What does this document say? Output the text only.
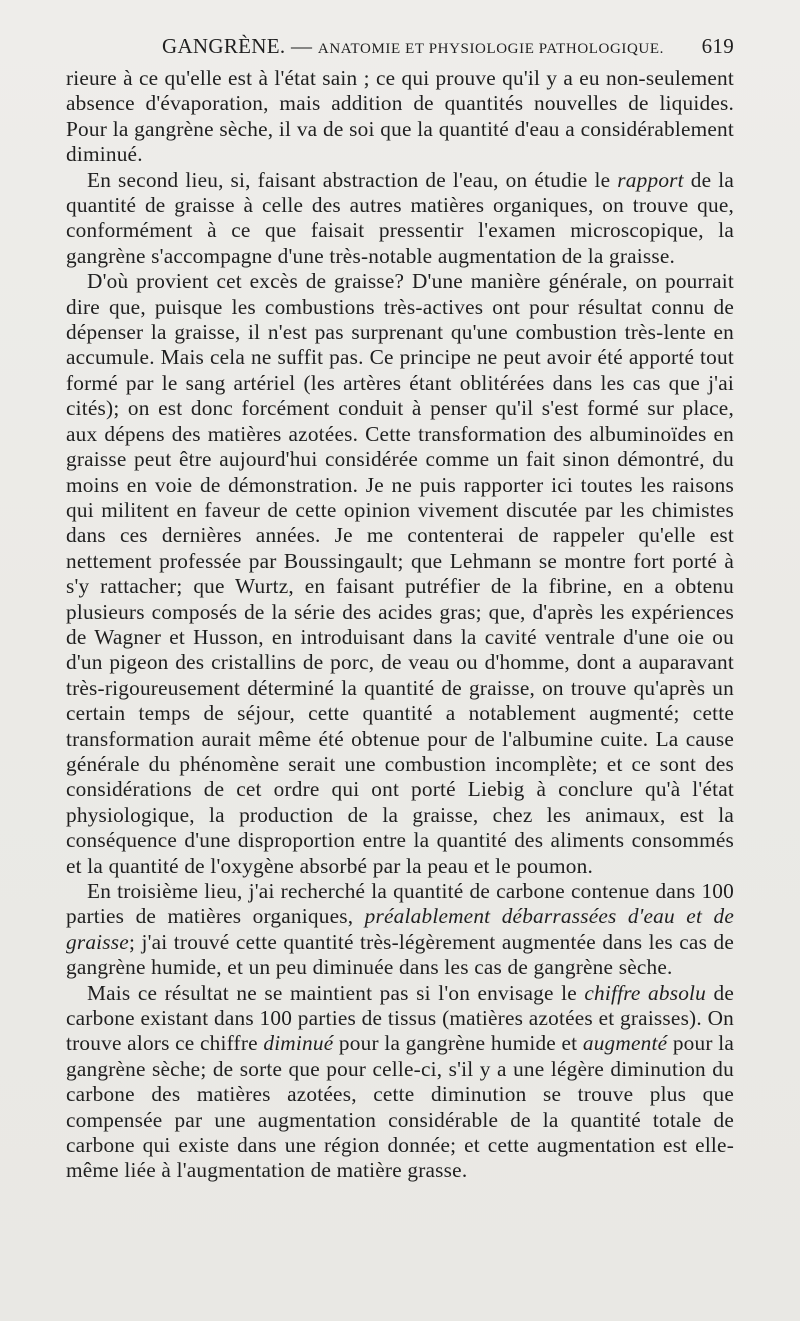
GANGRÈNE. — ANATOMIE ET PHYSIOLOGIE PATHOLOGIQUE. 619

rieure à ce qu'elle est à l'état sain ; ce qui prouve qu'il y a eu non-seulement absence d'évaporation, mais addition de quantités nouvelles de liquides. Pour la gangrène sèche, il va de soi que la quantité d'eau a considérablement diminué.

En second lieu, si, faisant abstraction de l'eau, on étudie le rapport de la quantité de graisse à celle des autres matières organiques, on trouve que, conformément à ce que faisait pressentir l'examen microscopique, la gangrène s'accompagne d'une très-notable augmentation de la graisse.

D'où provient cet excès de graisse? D'une manière générale, on pourrait dire que, puisque les combustions très-actives ont pour résultat connu de dépenser la graisse, il n'est pas surprenant qu'une combustion très-lente en accumule. Mais cela ne suffit pas. Ce principe ne peut avoir été apporté tout formé par le sang artériel (les artères étant oblitérées dans les cas que j'ai cités); on est donc forcément conduit à penser qu'il s'est formé sur place, aux dépens des matières azotées. Cette transformation des albuminoïdes en graisse peut être aujourd'hui considérée comme un fait sinon démontré, du moins en voie de démonstration. Je ne puis rapporter ici toutes les raisons qui militent en faveur de cette opinion vivement discutée par les chimistes dans ces dernières années. Je me contenterai de rappeler qu'elle est nettement professée par Boussingault; que Lehmann se montre fort porté à s'y rattacher; que Wurtz, en faisant putréfier de la fibrine, en a obtenu plusieurs composés de la série des acides gras; que, d'après les expériences de Wagner et Husson, en introduisant dans la cavité ventrale d'une oie ou d'un pigeon des cristallins de porc, de veau ou d'homme, dont a auparavant très-rigoureusement déterminé la quantité de graisse, on trouve qu'après un certain temps de séjour, cette quantité a notablement augmenté; cette transformation aurait même été obtenue pour de l'albumine cuite. La cause générale du phénomène serait une combustion incomplète; et ce sont des considérations de cet ordre qui ont porté Liebig à conclure qu'à l'état physiologique, la production de la graisse, chez les animaux, est la conséquence d'une disproportion entre la quantité des aliments consommés et la quantité de l'oxygène absorbé par la peau et le poumon.

En troisième lieu, j'ai recherché la quantité de carbone contenue dans 100 parties de matières organiques, préalablement débarrassées d'eau et de graisse; j'ai trouvé cette quantité très-légèrement augmentée dans les cas de gangrène humide, et un peu diminuée dans les cas de gangrène sèche.

Mais ce résultat ne se maintient pas si l'on envisage le chiffre absolu de carbone existant dans 100 parties de tissus (matières azotées et graisses). On trouve alors ce chiffre diminué pour la gangrène humide et augmenté pour la gangrène sèche; de sorte que pour celle-ci, s'il y a une légère diminution du carbone des matières azotées, cette diminution se trouve plus que compensée par une augmentation considérable de la quantité totale de carbone qui existe dans une région donnée; et cette augmentation est elle-même liée à l'augmentation de matière grasse.
